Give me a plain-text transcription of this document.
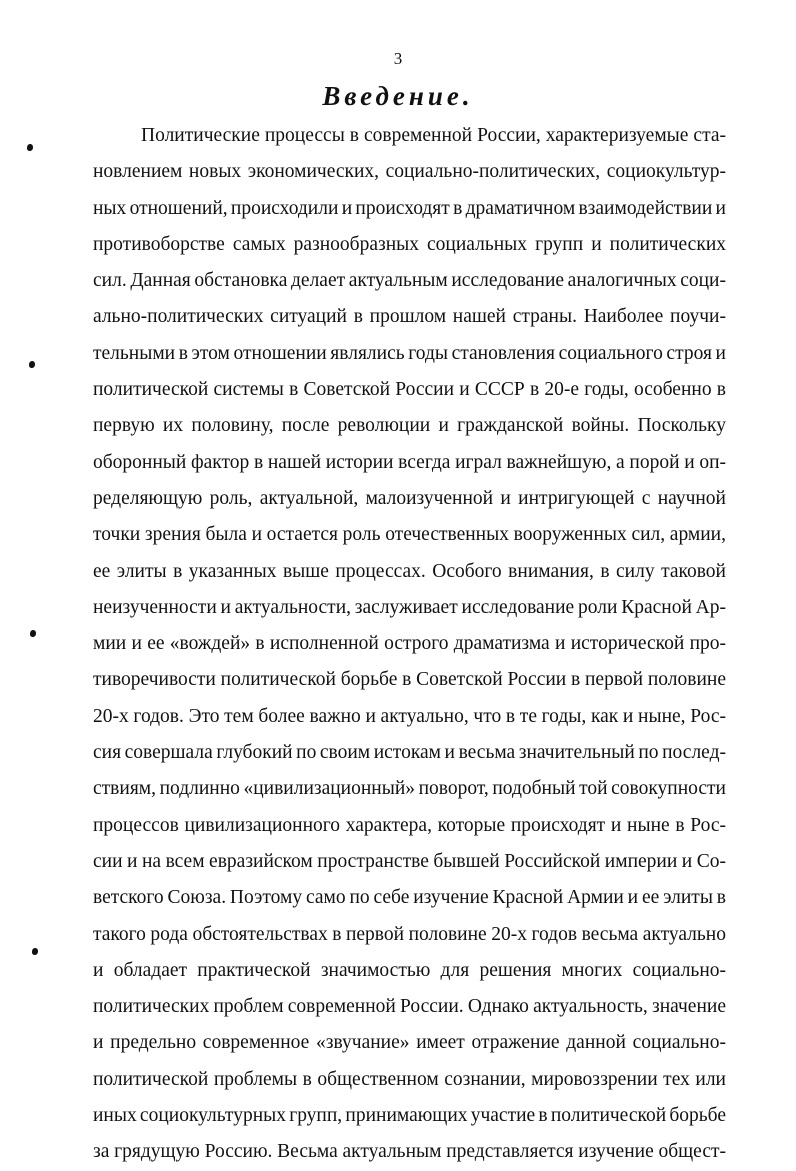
3
Введение.
Политические процессы в современной России, характеризуемые ста-
новлением новых экономических, социально-политических, социокультур-
ных отношений, происходили и происходят в драматичном взаимодействии и
противоборстве самых разнообразных социальных групп и политических
сил. Данная обстановка делает актуальным исследование аналогичных соци-
ально-политических ситуаций в прошлом нашей страны. Наиболее поучи-
тельными в этом отношении являлись годы становления социального строя и
политической системы в Советской России и СССР в 20-е годы, особенно в
первую их половину, после революции и гражданской войны. Поскольку
оборонный фактор в нашей истории всегда играл важнейшую, а порой и оп-
ределяющую роль, актуальной, малоизученной и интригующей с научной
точки зрения была и остается роль отечественных вооруженных сил, армии,
ее элиты в указанных выше процессах. Особого внимания, в силу таковой
неизученности и актуальности, заслуживает исследование роли Красной Ар-
мии и ее «вождей» в исполненной острого драматизма и исторической про-
тиворечивости политической борьбе в Советской России в первой половине
20-х годов. Это тем более важно и актуально, что в те годы, как и ныне, Рос-
сия совершала глубокий по своим истокам и весьма значительный по послед-
ствиям, подлинно «цивилизационный» поворот, подобный той совокупности
процессов цивилизационного характера, которые происходят и ныне в Рос-
сии и на всем евразийском пространстве бывшей Российской империи и Со-
ветского Союза. Поэтому само по себе изучение Красной Армии и ее элиты в
такого рода обстоятельствах в первой половине 20-х годов весьма актуально
и обладает практической значимостью для решения многих социально-
политических проблем современной России. Однако актуальность, значение
и предельно современное «звучание» имеет отражение данной социально-
политической проблемы в общественном сознании, мировоззрении тех или
иных социокультурных групп, принимающих участие в политической борьбе
за грядущую Россию. Весьма актуальным представляется изучение общест-
